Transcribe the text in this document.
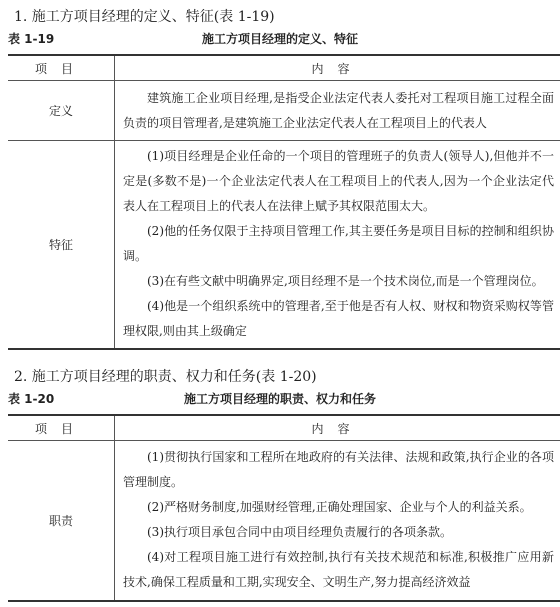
1. 施工方项目经理的定义、特征(表 1-19)
表 1-19	施工方项目经理的定义、特征
项目	内容
定义	建筑施工企业项目经理,是指受企业法定代表人委托对工程项目施工过程全面负责的项目管理者,是建筑施工企业法定代表人在工程项目上的代表人

特征	(1)项目经理是企业任命的一个项目的管理班子的负责人(领导人),但他并不一定是(多数不是)一个企业法定代表人在工程项目上的代表人,因为一个企业法定代表人在工程项目上的代表人在法律上赋予其权限范围太大。

(2)他的任务仅限于主持项目管理工作,其主要任务是项目目标的控制和组织协调。

(3)在有些文献中明确界定,项目经理不是一个技术岗位,而是一个管理岗位。

(4)他是一个组织系统中的管理者,至于他是否有人权、财权和物资采购权等管理权限,则由其上级确定

2. 施工方项目经理的职责、权力和任务(表 1-20)
表 1-20	施工方项目经理的职责、权力和任务
项目	内容
职责	(1)贯彻执行国家和工程所在地政府的有关法律、法规和政策,执行企业的各项管理制度。

(2)严格财务制度,加强财经管理,正确处理国家、企业与个人的利益关系。

(3)执行项目承包合同中由项目经理负责履行的各项条款。

(4)对工程项目施工进行有效控制,执行有关技术规范和标准,积极推广应用新技术,确保工程质量和工期,实现安全、文明生产,努力提高经济效益
